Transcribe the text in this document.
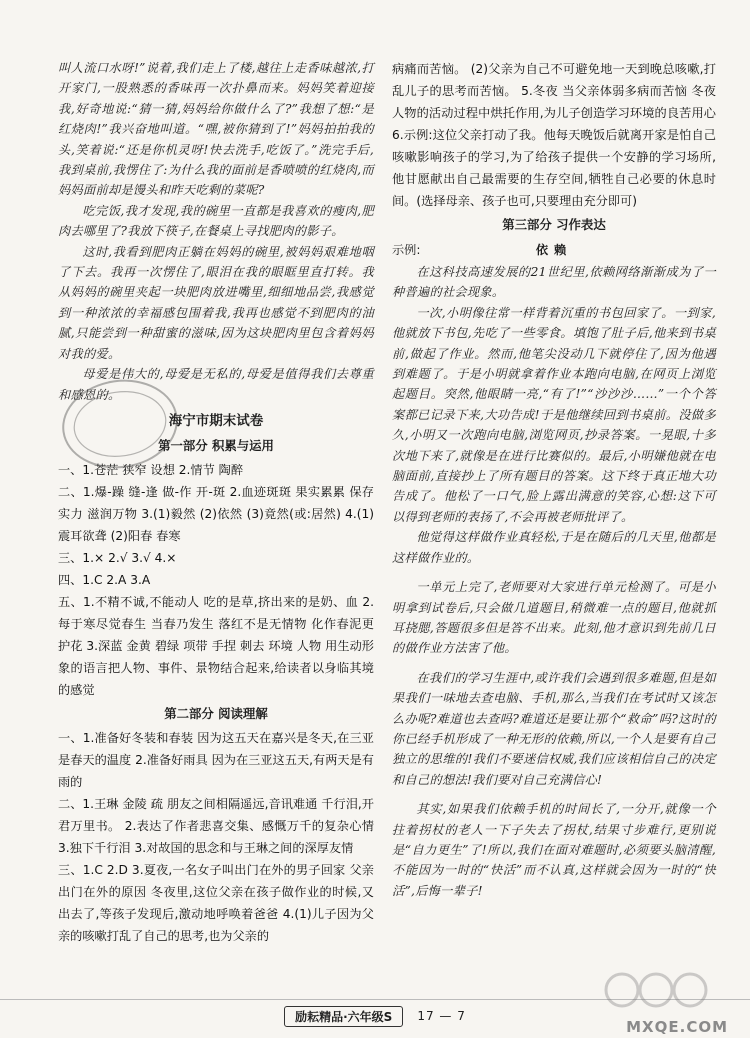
叫人流口水呀!”说着,我们走上了楼,越往上走香味越浓,打开家门,一股熟悉的香味再一次扑鼻而来。妈妈笑着迎接我,好奇地说:“猜一猜,妈妈给你做什么了?”我想了想:“是红烧肉!”我兴奋地叫道。“嘿,被你猜到了!”妈妈拍拍我的头,笑着说:“还是你机灵呀!快去洗手,吃饭了。”洗完手后,我到桌前,我愣住了:为什么我的面前是香喷喷的红烧肉,而妈妈面前却是馒头和昨天吃剩的菜呢?

吃完饭,我才发现,我的碗里一直都是我喜欢的瘦肉,肥肉去哪里了?我放下筷子,在餐桌上寻找肥肉的影子。

这时,我看到肥肉正躺在妈妈的碗里,被妈妈艰难地咽了下去。我再一次愣住了,眼泪在我的眼眶里直打转。我从妈妈的碗里夹起一块肥肉放进嘴里,细细地品尝,我感觉到一种浓浓的幸福感包围着我,我再也感觉不到肥肉的油腻,只能尝到一种甜蜜的滋味,因为这块肥肉里包含着妈妈对我的爱。

母爱是伟大的,母爱是无私的,母爱是值得我们去尊重和感恩的。

海宁市期末试卷
第一部分 积累与运用

一、1.苍茫 狭窄 设想 2.情节 陶醉

二、1.爆-躁 缝-逢 做-作 开-斑 2.血迹斑斑 果实累累 保存实力 滋润万物 3.(1)毅然 (2)依然 (3)竟然(或:居然) 4.(1)震耳欲聋 (2)阳春 春寒

三、1.× 2.√ 3.√ 4.×

四、1.C 2.A 3.A

五、1.不精不诚,不能动人 吃的是草,挤出来的是奶、血 2.每于寒尽觉春生 当春乃发生 落红不是无情物 化作春泥更护花 3.深蓝 金黄 碧绿 项带 手捏 刺去 环境 人物 用生动形象的语言把人物、事件、景物结合起来,给读者以身临其境的感觉

第二部分 阅读理解

一、1.准备好冬装和春装 因为这五天在嘉兴是冬天,在三亚是春天的温度 2.准备好雨具 因为在三亚这五天,有两天是有雨的

二、1.王琳 金陵 疏 朋友之间相隔遥远,音讯难通 千行泪,开君万里书。 2.表达了作者悲喜交集、感慨万千的复杂心情 3.独下千行泪 3.对故国的思念和与王琳之间的深厚友情

三、1.C 2.D 3.夏夜,一名女子叫出门在外的男子回家 父亲出门在外的原因 冬夜里,这位父亲在孩子做作业的时候,又出去了,等孩子发现后,激动地呼唤着爸爸 4.(1)儿子因为父亲的咳嗽打乱了自己的思考,也为父亲的

病痛而苦恼。 (2)父亲为自己不可避免地一天到晚总咳嗽,打乱儿子的思考而苦恼。 5.冬夜 当父亲体弱多病而苦恼 冬夜 人物的活动过程中烘托作用,为儿子创造学习环境的良苦用心 6.示例:这位父亲打动了我。他每天晚饭后就离开家是怕自己咳嗽影响孩子的学习,为了给孩子提供一个安静的学习场所,他甘愿献出自己最需要的生存空间,牺牲自己必要的休息时间。(选择母亲、孩子也可,只要理由充分即可)

第三部分 习作表达
示例:	依赖

在这科技高速发展的21世纪里,依赖网络渐渐成为了一种普遍的社会现象。

一次,小明像往常一样背着沉重的书包回家了。一到家,他就放下书包,先吃了一些零食。填饱了肚子后,他来到书桌前,做起了作业。然而,他笔尖没动几下就停住了,因为他遇到难题了。于是小明就拿着作业本跑向电脑,在网页上浏览起题目。突然,他眼睛一亮,“有了!”“沙沙沙……”一个个答案都已记录下来,大功告成!于是他继续回到书桌前。没做多久,小明又一次跑向电脑,浏览网页,抄录答案。一晃眼,十多次地下来了,就像是在进行比赛似的。最后,小明嫌他就在电脑面前,直接抄上了所有题目的答案。这下终于真正地大功告成了。他松了一口气,脸上露出满意的笑容,心想:这下可以得到老师的表扬了,不会再被老师批评了。

他觉得这样做作业真轻松,于是在随后的几天里,他都是这样做作业的。

一单元上完了,老师要对大家进行单元检测了。可是小明拿到试卷后,只会做几道题目,稍微难一点的题目,他就抓耳挠腮,答题很多但是答不出来。此刻,他才意识到先前几日的做作业方法害了他。

在我们的学习生涯中,或许我们会遇到很多难题,但是如果我们一味地去查电脑、手机,那么,当我们在考试时又该怎么办呢?难道也去查吗?难道还是要让那个“救命”吗?这时的你已经手机形成了一种无形的依赖,所以,一个人是要有自己独立的思维的!我们不要迷信权威,我们应该相信自己的决定和自己的想法!我们要对自己充满信心!

其实,如果我们依赖手机的时间长了,一分开,就像一个拄着拐杖的老人一下子失去了拐杖,结果寸步难行,更别说是“自力更生”了!所以,我们在面对难题时,必须要头脑清醒,不能因为一时的“快活”而不认真,这样就会因为一时的“快活”,后悔一辈子!

励耘精品·六年级S	17 — 7
MXQE.COM
